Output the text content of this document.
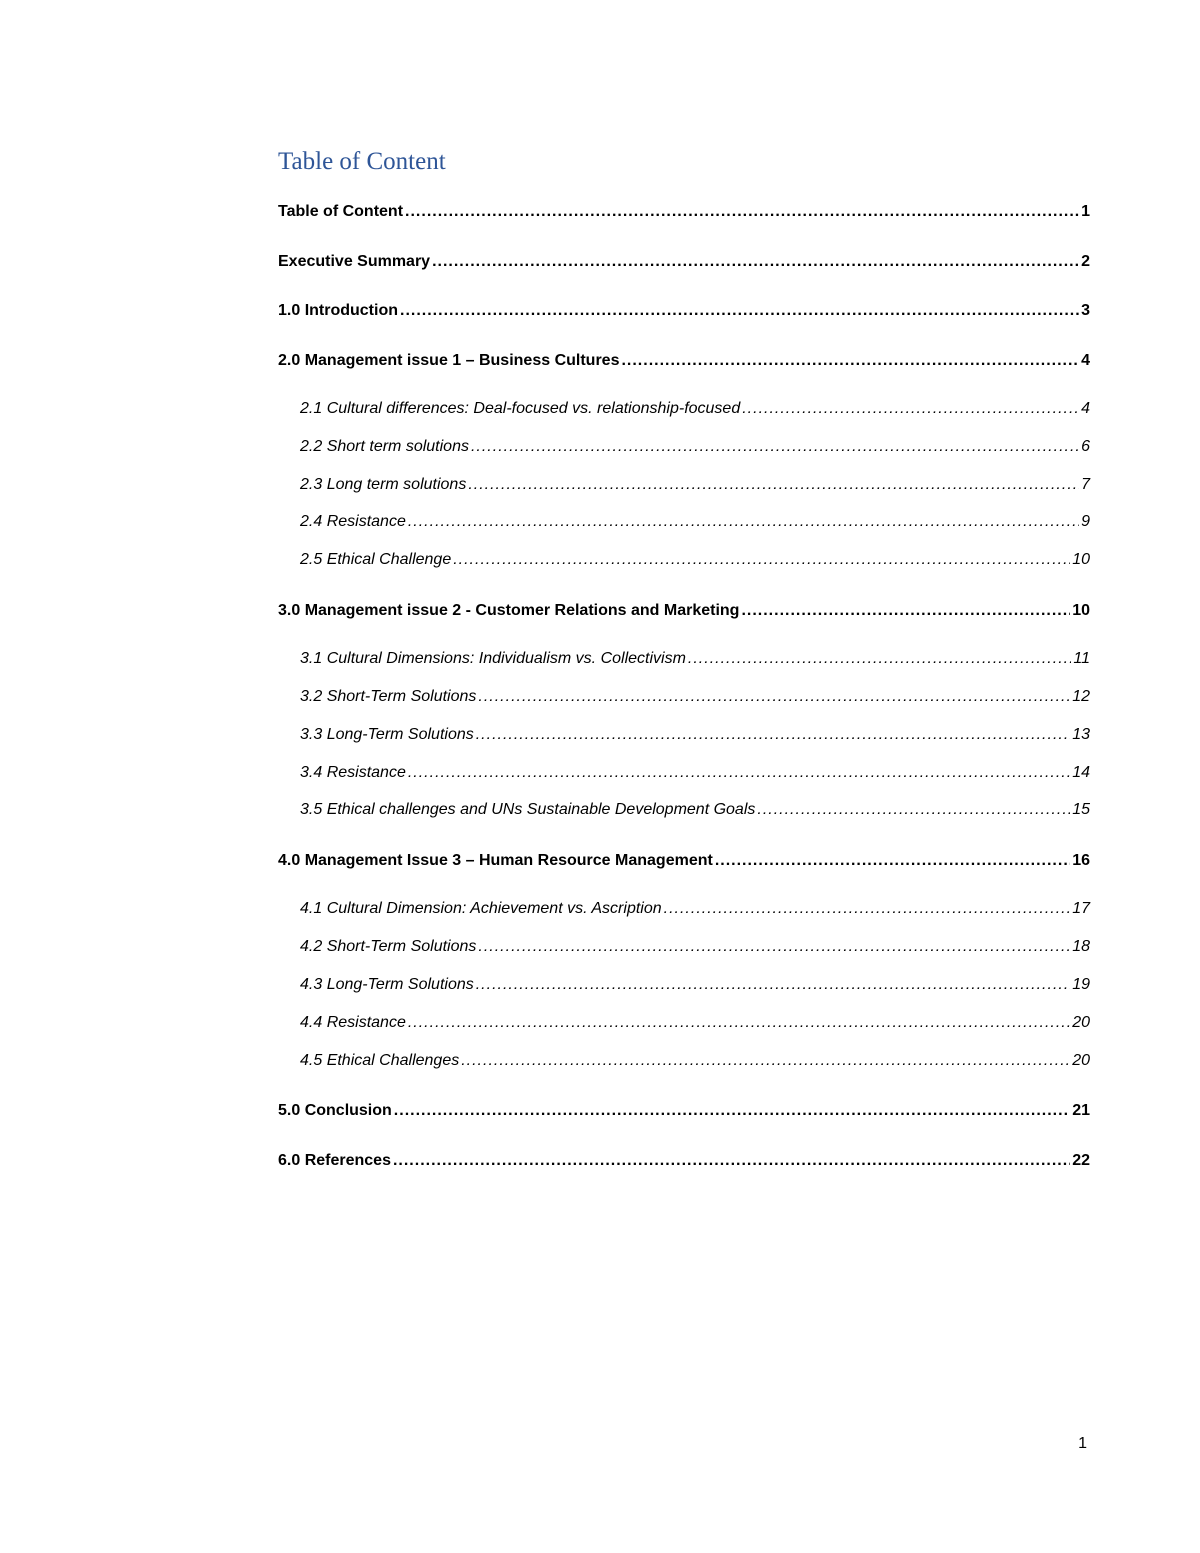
Table of Content
Table of Content .....	1
Executive Summary .....	2
1.0 Introduction .....	3
2.0 Management issue 1 – Business Cultures .....	4
2.1 Cultural differences: Deal-focused vs. relationship-focused .....	4
2.2 Short term solutions .....	6
2.3 Long term solutions .....	7
2.4 Resistance .....	9
2.5 Ethical Challenge .....	10
3.0 Management issue 2 - Customer Relations and Marketing .....	10
3.1 Cultural Dimensions: Individualism vs. Collectivism .....	11
3.2 Short-Term Solutions .....	12
3.3 Long-Term Solutions .....	13
3.4 Resistance .....	14
3.5 Ethical challenges and UNs Sustainable Development Goals .....	15
4.0 Management Issue 3 – Human Resource Management .....	16
4.1 Cultural Dimension: Achievement vs. Ascription .....	17
4.2 Short-Term Solutions .....	18
4.3 Long-Term Solutions .....	19
4.4 Resistance .....	20
4.5 Ethical Challenges .....	20
5.0 Conclusion .....	21
6.0 References .....	22
1
